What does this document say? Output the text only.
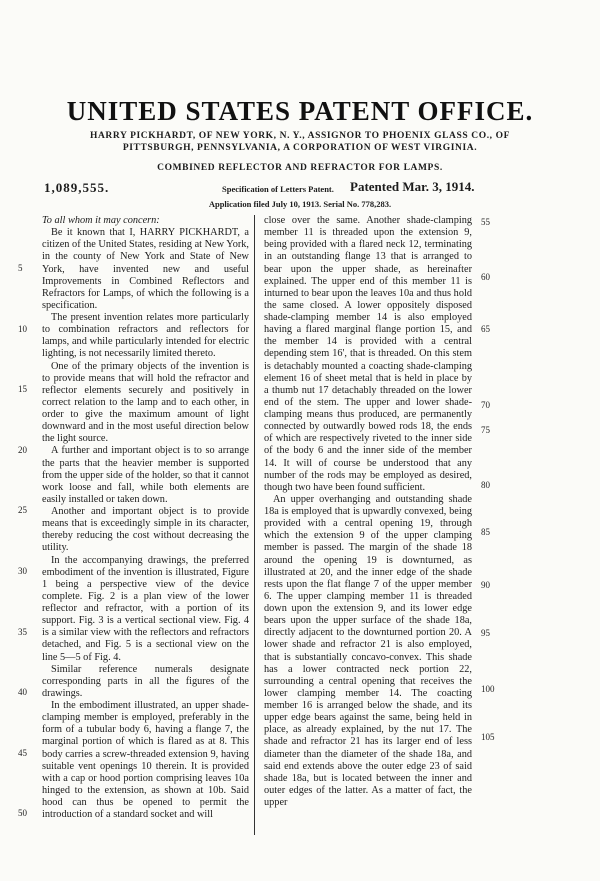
UNITED STATES PATENT OFFICE.
HARRY PICKHARDT, OF NEW YORK, N. Y., ASSIGNOR TO PHOENIX GLASS CO., OF
PITTSBURGH, PENNSYLVANIA, A CORPORATION OF WEST VIRGINIA.
COMBINED REFLECTOR AND REFRACTOR FOR LAMPS.
1,089,555.	Specification of Letters Patent. Patented Mar. 3, 1914.
Application filed July 10, 1913. Serial No. 778,283.

To all whom it may concern:

Be it known that I, HARRY PICKHARDT, a citizen of the United States, residing at New York, in the county of New York and State of New York, have invented new and useful Improvements in Combined Reflectors and Refractors for Lamps, of which the following is a specification.

The present invention relates more particularly to combination refractors and reflectors for lamps, and while particularly intended for electric lighting, is not necessarily limited thereto.

One of the primary objects of the invention is to provide means that will hold the refractor and reflector elements securely and positively in correct relation to the lamp and to each other, in order to give the maximum amount of light downward and in the most useful direction below the light source.

A further and important object is to so arrange the parts that the heavier member is supported from the upper side of the holder, so that it cannot work loose and fall, while both elements are easily installed or taken down.

Another and important object is to provide means that is exceedingly simple in its character, thereby reducing the cost without decreasing the utility.

In the accompanying drawings, the preferred embodiment of the invention is illustrated, Figure 1 being a perspective view of the device complete. Fig. 2 is a plan view of the lower reflector and refractor, with a portion of its support. Fig. 3 is a vertical sectional view. Fig. 4 is a similar view with the reflectors and refractors detached, and Fig. 5 is a sectional view on the line 5—5 of Fig. 4.

Similar reference numerals designate corresponding parts in all the figures of the drawings.

In the embodiment illustrated, an upper shade-clamping member is employed, preferably in the form of a tubular body 6, having a flange 7, the marginal portion of which is flared as at 8. This body carries a screw-threaded extension 9, having suitable vent openings 10 therein. It is provided with a cap or hood portion comprising leaves 10a hinged to the extension, as shown at 10b. Said hood can thus be opened to permit the introduction of a standard socket and will

close over the same. Another shade-clamping member 11 is threaded upon the extension 9, being provided with a flared neck 12, terminating in an outstanding flange 13 that is arranged to bear upon the upper shade, as hereinafter explained. The upper end of this member 11 is inturned to bear upon the leaves 10a and thus hold the same closed. A lower oppositely disposed shade-clamping member 14 is also employed having a flared marginal flange portion 15, and the member 14 is provided with a central depending stem 16', that is threaded. On this stem is detachably mounted a coacting shade-clamping element 16 of sheet metal that is held in place by a thumb nut 17 detachably threaded on the lower end of the stem. The upper and lower shade-clamping means thus produced, are permanently connected by outwardly bowed rods 18, the ends of which are respectively riveted to the inner side of the body 6 and the inner side of the member 14. It will of course be understood that any number of the rods may be employed as desired, though two have been found sufficient.

An upper overhanging and outstanding shade 18a is employed that is upwardly convexed, being provided with a central opening 19, through which the extension 9 of the upper clamping member is passed. The margin of the shade 18 around the opening 19 is downturned, as illustrated at 20, and the inner edge of the shade rests upon the flat flange 7 of the upper member 6. The upper clamping member 11 is threaded down upon the extension 9, and its lower edge bears upon the upper surface of the shade 18a, directly adjacent to the downturned portion 20. A lower shade and refractor 21 is also employed, that is substantially concavo-convex. This shade has a lower contracted neck portion 22, surrounding a central opening that receives the lower clamping member 14. The coacting member 16 is arranged below the shade, and its upper edge bears against the same, being held in place, as already explained, by the nut 17. The shade and refractor 21 has its larger end of less diameter than the diameter of the shade 18a, and said end extends above the outer edge 23 of said shade 18a, but is located between the inner and outer edges of the latter. As a matter of fact, the upper

5
10
15
20
25
30
35
40
45
50
55
60
65
70
75
80
85
90
95
100
105
